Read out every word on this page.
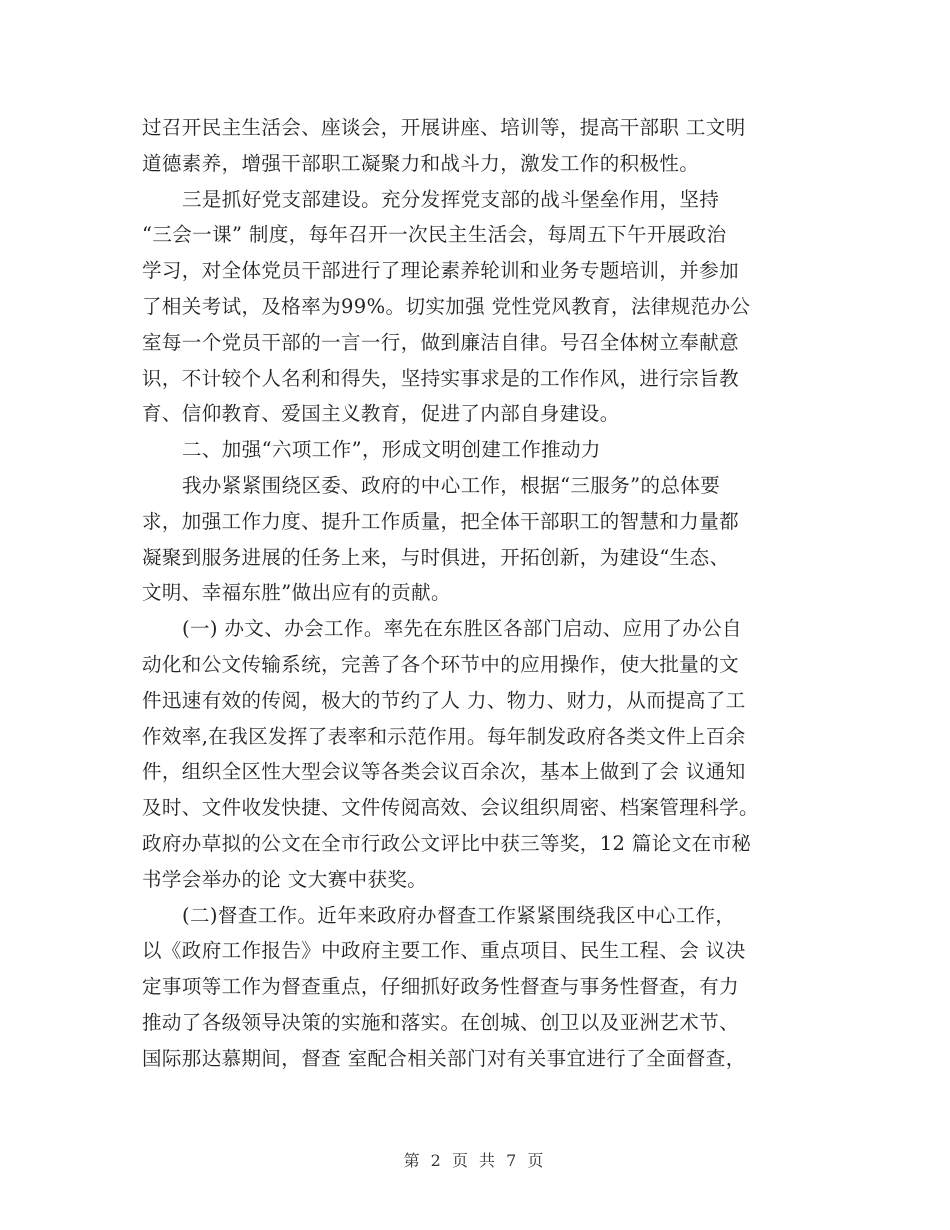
过召开民主生活会、座谈会，开展讲座、培训等，提高干部职 工文明
道德素养，增强干部职工凝聚力和战斗力，激发工作的积极性。
三是抓好党支部建设。充分发挥党支部的战斗堡垒作用，坚持
“三会一课” 制度，每年召开一次民主生活会，每周五下午开展政治
学习，对全体党员干部进行了理论素养轮训和业务专题培训，并参加
了相关考试，及格率为99%。切实加强 党性党风教育，法律规范办公
室每一个党员干部的一言一行，做到廉洁自律。号召全体树立奉献意
识，不计较个人名利和得失，坚持实事求是的工作作风，进行宗旨教
育、信仰教育、爱国主义教育，促进了内部自身建设。
二、加强“六项工作”，形成文明创建工作推动力
我办紧紧围绕区委、政府的中心工作，根据“三服务”的总体要
求，加强工作力度、提升工作质量，把全体干部职工的智慧和力量都
凝聚到服务进展的任务上来，与时俱进，开拓创新，为建设“生态、
文明、幸福东胜”做出应有的贡献。
(一) 办文、办会工作。率先在东胜区各部门启动、应用了办公自
动化和公文传输系统，完善了各个环节中的应用操作，使大批量的文
件迅速有效的传阅，极大的节约了人 力、物力、财力，从而提高了工
作效率,在我区发挥了表率和示范作用。每年制发政府各类文件上百余
件，组织全区性大型会议等各类会议百余次，基本上做到了会 议通知
及时、文件收发快捷、文件传阅高效、会议组织周密、档案管理科学。
政府办草拟的公文在全市行政公文评比中获三等奖，12 篇论文在市秘
书学会举办的论 文大赛中获奖。
(二)督查工作。近年来政府办督查工作紧紧围绕我区中心工作，
以《政府工作报告》中政府主要工作、重点项目、民生工程、会 议决
定事项等工作为督查重点，仔细抓好政务性督查与事务性督查，有力
推动了各级领导决策的实施和落实。在创城、创卫以及亚洲艺术节、
国际那达慕期间，督查 室配合相关部门对有关事宜进行了全面督查，
第 2 页 共 7 页
